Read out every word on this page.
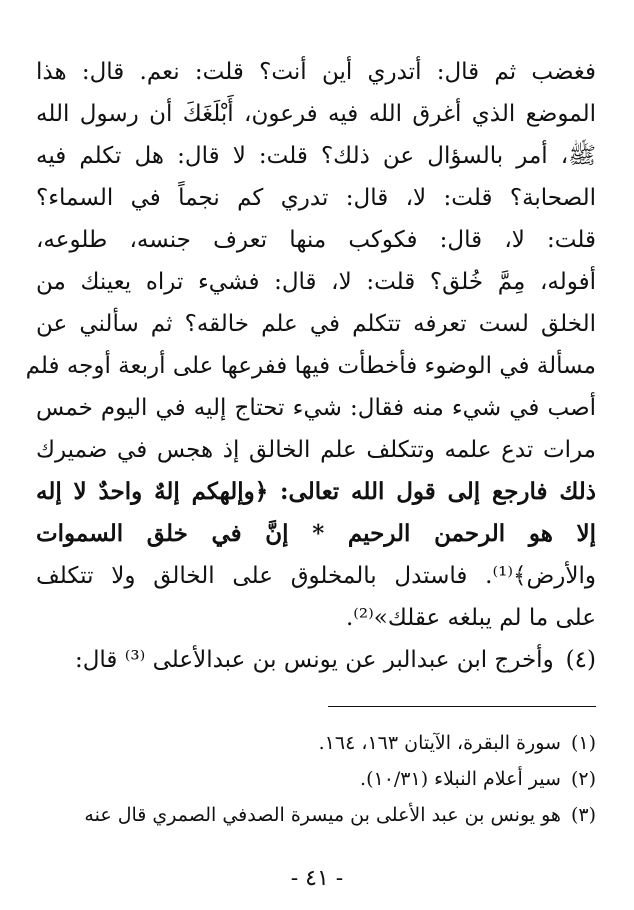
فغضب ثم قال: أتدري أين أنت؟ قلت: نعم. قال: هذا
الموضع الذي أغرق الله فيه فرعون، أَبْلَغَكَ أن رسول الله
ﷺ، أمر بالسؤال عن ذلك؟ قلت: لا قال: هل تكلم فيه
الصحابة؟ قلت: لا، قال: تدري كم نجماً في السماء؟
قلت: لا، قال: فكوكب منها تعرف جنسه، طلوعه،
أفوله، مِمَّ خُلق؟ قلت: لا، قال: فشيء تراه يعينك من
الخلق لست تعرفه تتكلم في علم خالقه؟ ثم سألني عن
مسألة في الوضوء فأخطأت فيها ففرعها على أربعة أوجه فلم
أصب في شيء منه فقال: شيء تحتاج إليه في اليوم خمس
مرات تدع علمه وتتكلف علم الخالق إذ هجس في ضميرك
ذلك فارجع إلى قول الله تعالى: ﴿وإلهكم إلهٌ واحدٌ لا إله
إلا هو الرحمن الرحيم * إنَّ في خلق السموات
والأرض﴾⁽¹⁾. فاستدل بالمخلوق على الخالق ولا تتكلف
على ما لم يبلغه عقلك»⁽²⁾.
(٤)وأخرج ابن عبدالبر عن يونس بن عبدالأعلى ⁽³⁾ قال:
(١)سورة البقرة، الآيتان ١٦٣، ١٦٤.
(٢)سير أعلام النبلاء (١٠/٣١).
(٣)هو يونس بن عبد الأعلى بن ميسرة الصدفي الصمري قال عنه
- ٤١ -
